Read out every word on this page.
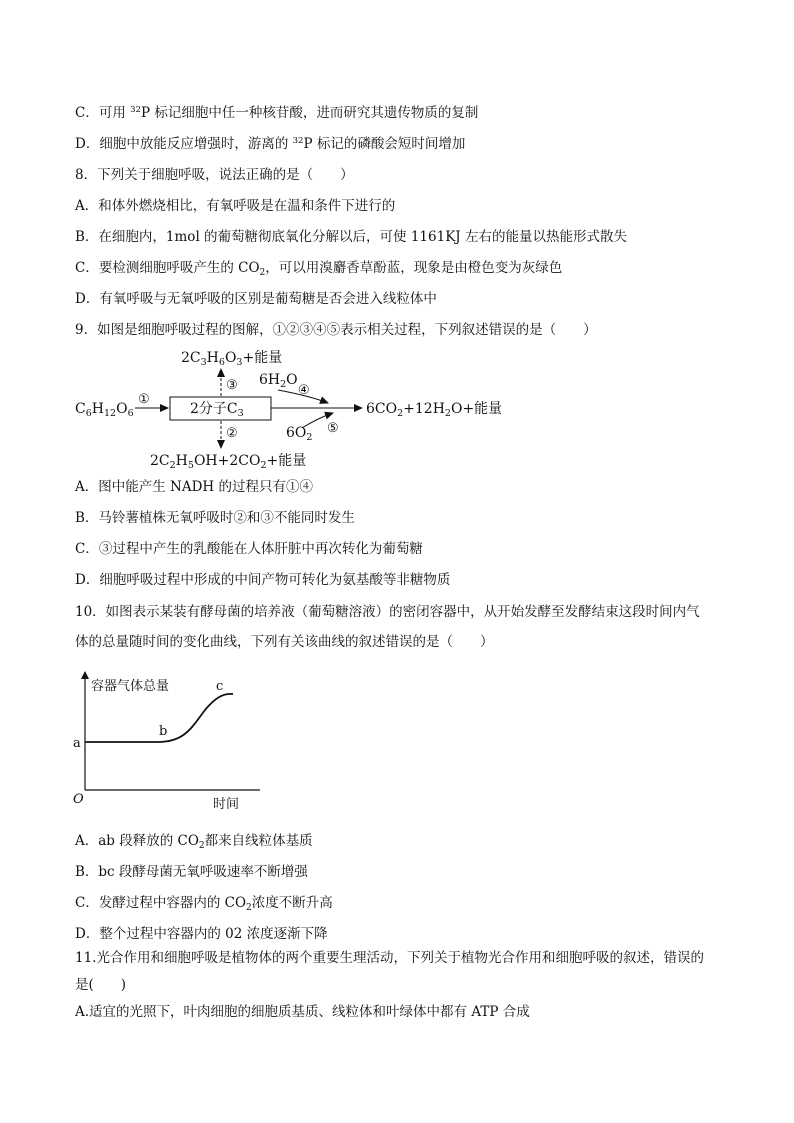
C．可用 $^{32}$P 标记细胞中任一种核苷酸，进而研究其遗传物质的复制
D．细胞中放能反应增强时，游离的 $^{32}$P 标记的磷酸会短时间增加
8．下列关于细胞呼吸，说法正确的是（　　）
A．和体外燃烧相比，有氧呼吸是在温和条件下进行的
B．在细胞内，1mol 的葡萄糖彻底氧化分解以后，可使 1161KJ 左右的能量以热能形式散失
C．要检测细胞呼吸产生的 $CO_2$，可以用溴麝香草酚蓝，现象是由橙色变为灰绿色
D．有氧呼吸与无氧呼吸的区别是葡萄糖是否会进入线粒体中
9．如图是细胞呼吸过程的图解，①②③④⑤表示相关过程，下列叙述错误的是（　　）
$2C_3H_6O_3+$能量
$C_6H_{12}O_6$	2分子$C_3$
$6H_2O$
$6O_2$
$6CO_2+12H_2O+$能量
$2C_2H_5OH+2CO_2+$能量
①
③
②
④
⑤
A．图中能产生 NADH 的过程只有①④
B．马铃薯植株无氧呼吸时②和③不能同时发生
C．③过程中产生的乳酸能在人体肝脏中再次转化为葡萄糖
D．细胞呼吸过程中形成的中间产物可转化为氨基酸等非糖物质
10．如图表示某装有酵母菌的培养液（葡萄糖溶液）的密闭容器中，从开始发酵至发酵结束这段时间内气
体的总量随时间的变化曲线，下列有关该曲线的叙述错误的是（　　）
容器气体总量
a
b
c
O	时间
A．ab 段释放的 $CO_2$都来自线粒体基质
B．bc 段酵母菌无氧呼吸速率不断增强
C．发酵过程中容器内的 $CO_2$浓度不断升高
D．整个过程中容器内的 02 浓度逐渐下降
11.光合作用和细胞呼吸是植物体的两个重要生理活动，下列关于植物光合作用和细胞呼吸的叙述，错误的
是(　　)
A.适宜的光照下，叶肉细胞的细胞质基质、线粒体和叶绿体中都有 ATP 合成
